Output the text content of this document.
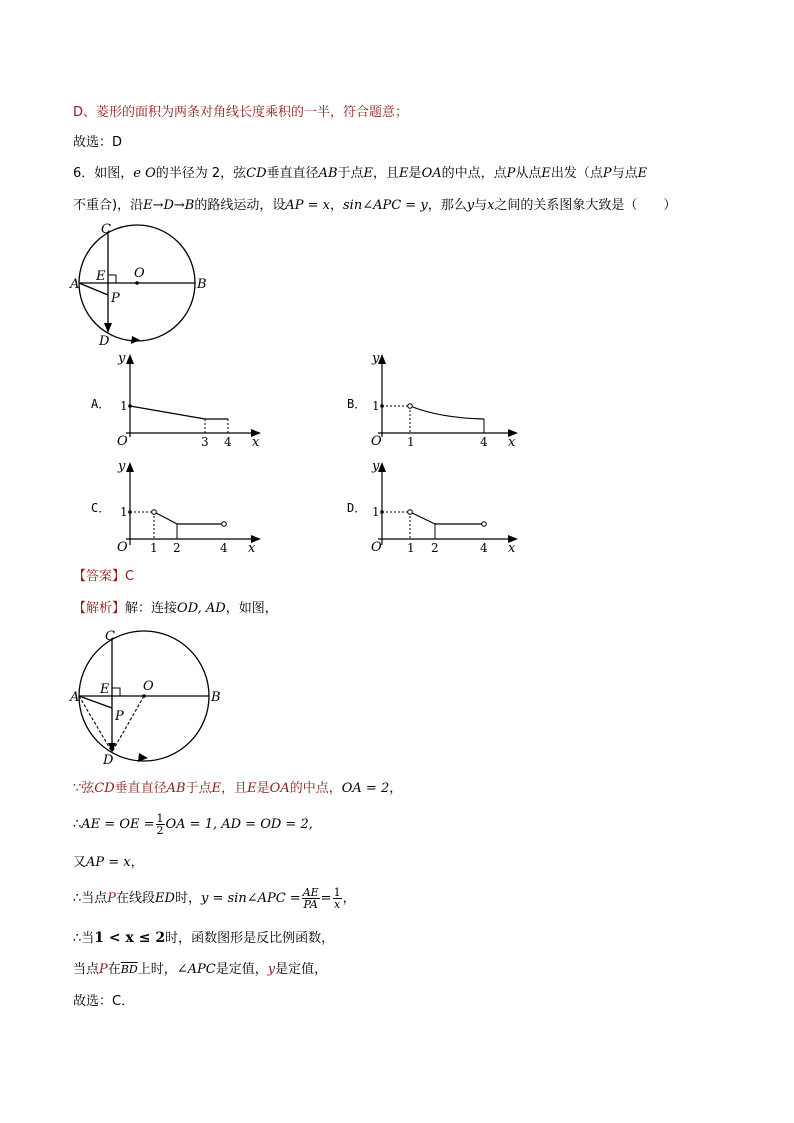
D、菱形的面积为两条对角线长度乘积的一半，符合题意；
故选：D
6．如图，e O的半径为 2，弦CD垂直直径AB于点E，且E是OA的中点，点P从点E出发（点P与点E
不重合)，沿E→D→B的路线运动，设AP = x，sin∠APC = y，那么y与x之间的关系图象大致是（　　）
C
E O
A	B
P
D
A．
y
1
O	3 4 x
B．
y
1
O 1	4 x
C．
y
1
O 1 2	4 x
D．
y
1
O 1 2	4 x
【答案】C
【解析】解：连接OD, AD，如图，
C
E	O
A	B
P
D
∵弦CD垂直直径AB于点E，且E是OA的中点，OA = 2，
∴AE = OE = $\frac{1}{2}$ OA = 1, AD = OD = 2,
又AP = x，
∴当点P在线段ED时，y = sin∠APC = $\frac{AE}{PA} = \frac{1}{x}$ ，
∴当1 < x ≤ 2时，函数图形是反比例函数，
当点P在$\overline{BD}$上时，∠APC是定值，y是定值，
故选：C．
